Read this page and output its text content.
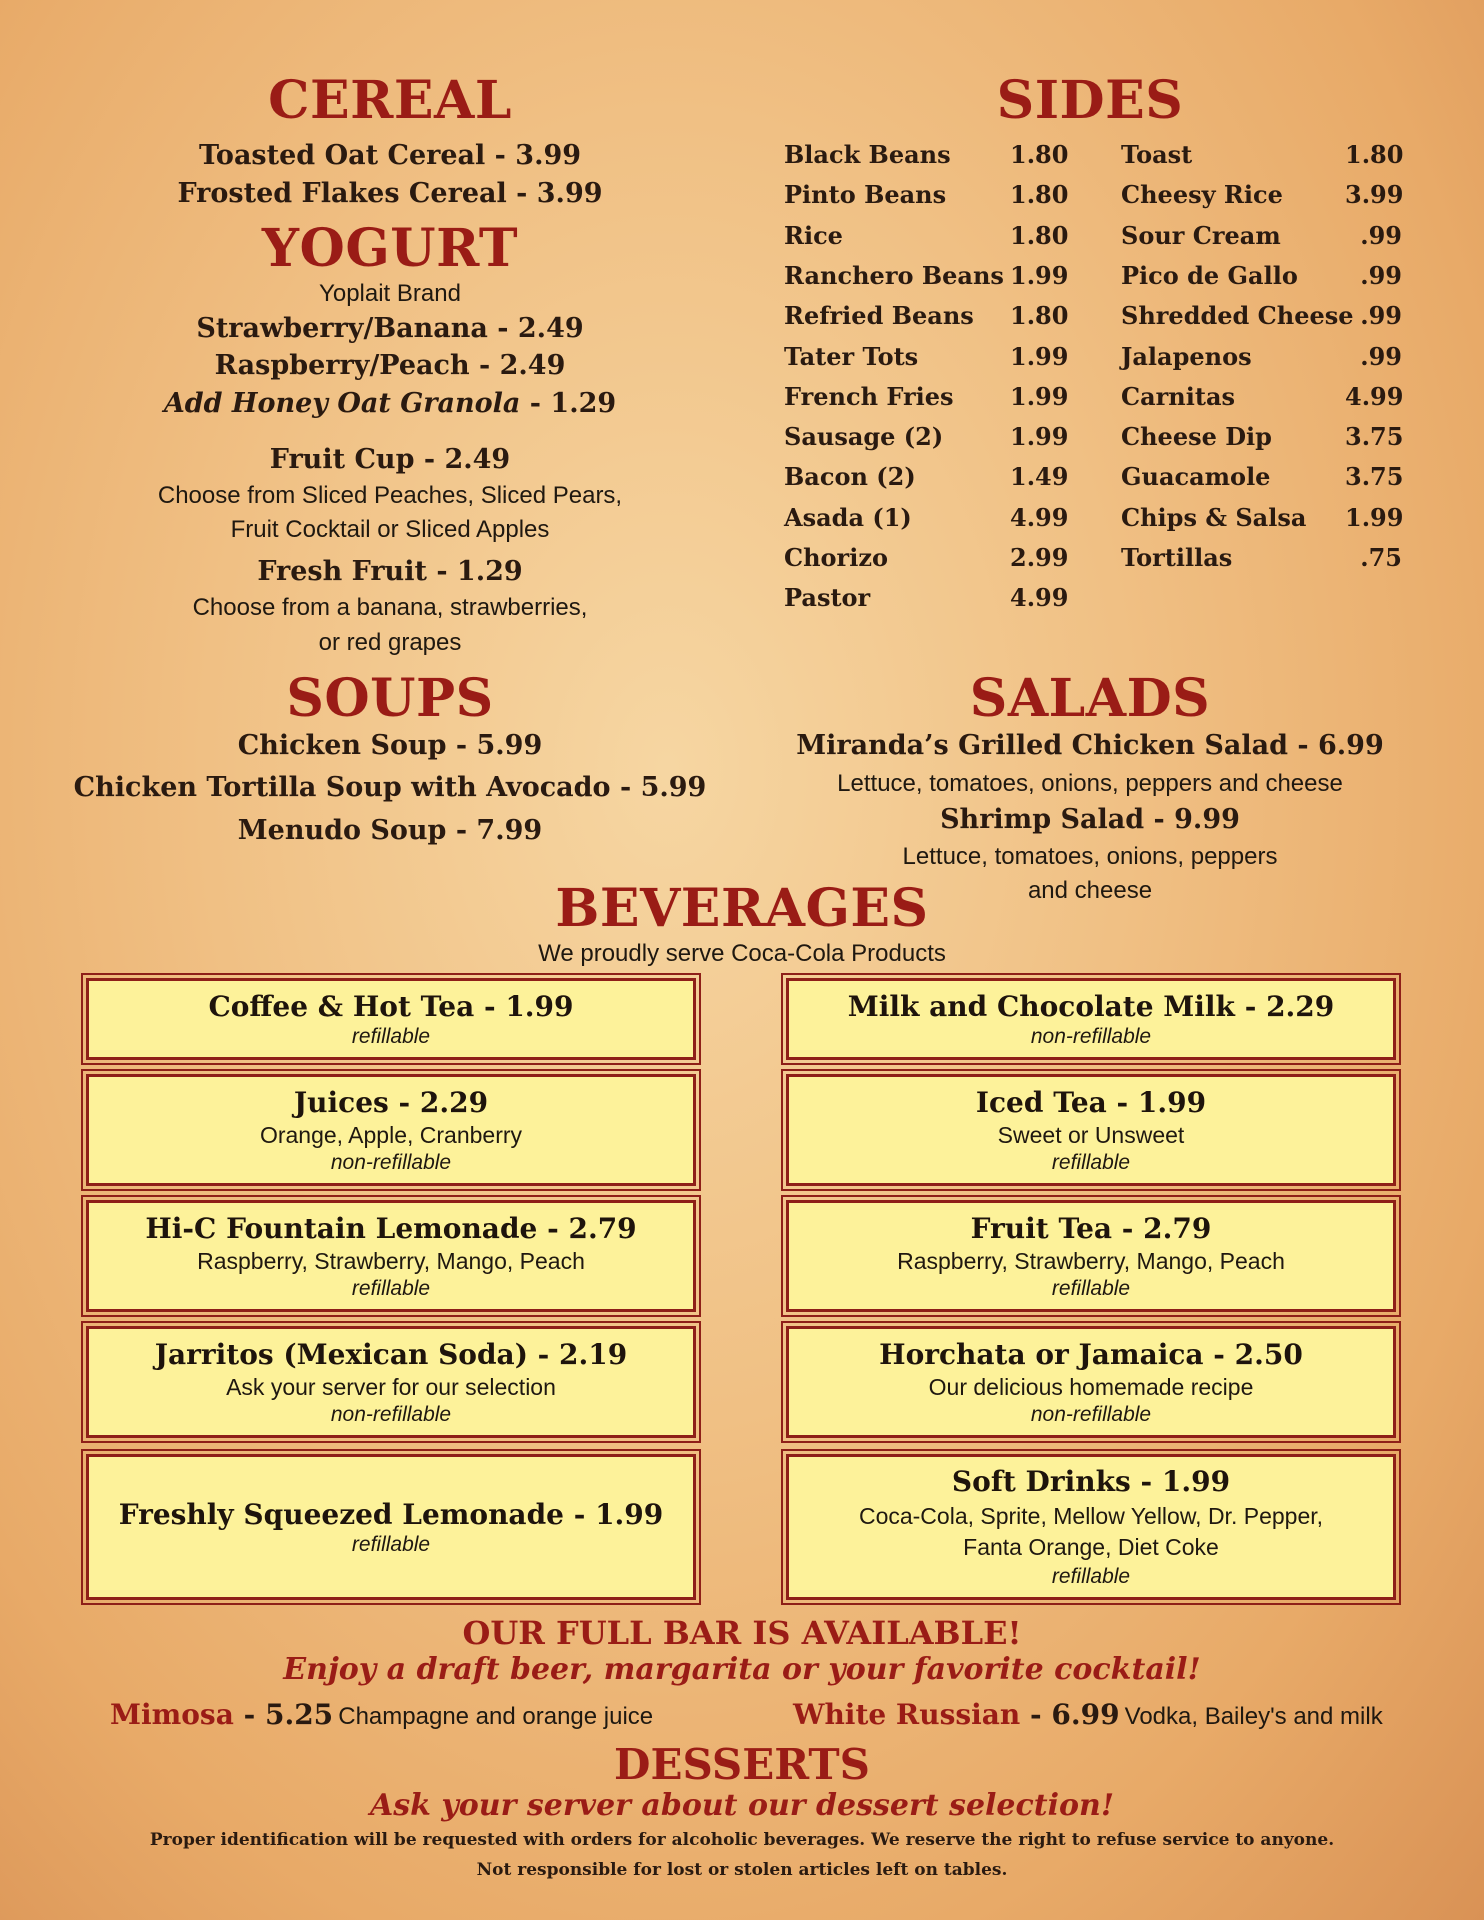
CEREAL
Toasted Oat Cereal - 3.99
Frosted Flakes Cereal - 3.99
YOGURT
Yoplait Brand
Strawberry/Banana - 2.49
Raspberry/Peach - 2.49
Add Honey Oat Granola - 1.29
Fruit Cup - 2.49
Choose from Sliced Peaches, Sliced Pears,
Fruit Cocktail or Sliced Apples
Fresh Fruit - 1.29
Choose from a banana, strawberries,
or red grapes
SOUPS
Chicken Soup - 5.99
Chicken Tortilla Soup with Avocado - 5.99
Menudo Soup - 7.99
SIDES
Black Beans 1.80
Pinto Beans	1.80
Rice	1.80
Ranchero Beans 1.99
Refried Beans 1.80
Tater Tots	1.99
French Fries 1.99
Sausage (2)	1.99
Bacon (2)	1.49
Asada (1)	4.99
Chorizo	2.99
Pastor	4.99
Toast	1.80
Cheesy Rice	3.99
Sour Cream	.99
Pico de Gallo	.99
Shredded Cheese .99
Jalapenos	.99
Carnitas	4.99
Cheese Dip	3.75
Guacamole	3.75
Chips & Salsa 1.99
Tortillas	.75
SALADS
Miranda’s Grilled Chicken Salad - 6.99
Lettuce, tomatoes, onions, peppers and cheese
Shrimp Salad - 9.99
Lettuce, tomatoes, onions, peppers
and cheese
BEVERAGES
We proudly serve Coca-Cola Products
Coffee & Hot Tea - 1.99
refillable
Juices - 2.29
Orange, Apple, Cranberry
non-refillable
Hi-C Fountain Lemonade - 2.79
Raspberry, Strawberry, Mango, Peach
refillable
Jarritos (Mexican Soda) - 2.19
Ask your server for our selection
non-refillable
Freshly Squeezed Lemonade - 1.99
refillable
Milk and Chocolate Milk - 2.29
non-refillable
Iced Tea - 1.99
Sweet or Unsweet
refillable
Fruit Tea - 2.79
Raspberry, Strawberry, Mango, Peach
refillable
Horchata or Jamaica - 2.50
Our delicious homemade recipe
non-refillable
Soft Drinks - 1.99
Coca-Cola, Sprite, Mellow Yellow, Dr. Pepper, Fanta Orange, Diet Coke
refillable
OUR FULL BAR IS AVAILABLE!
Enjoy a draft beer, margarita or your favorite cocktail!
Mimosa - 5.25 Champagne and orange juice	White Russian - 6.99 Vodka, Bailey's and milk
DESSERTS
Ask your server about our dessert selection!
Proper identification will be requested with orders for alcoholic beverages. We reserve the right to refuse service to anyone.
Not responsible for lost or stolen articles left on tables.
